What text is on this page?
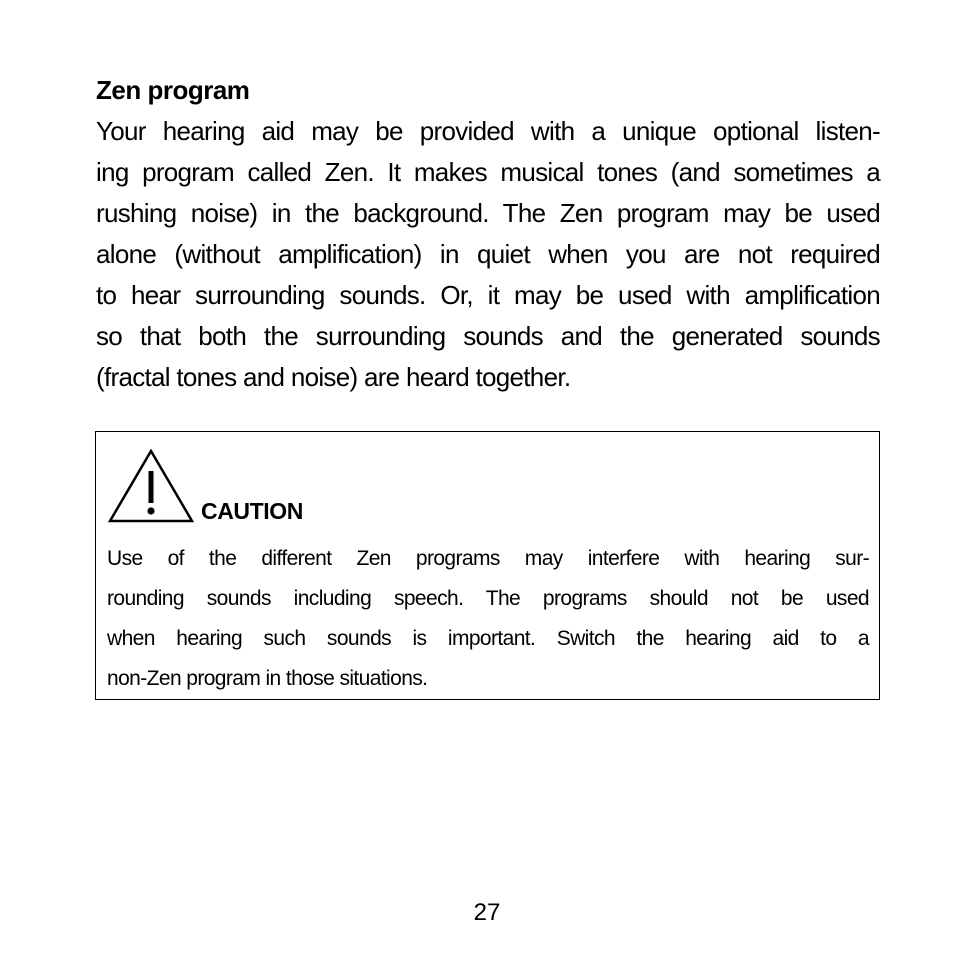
Zen program
Your hearing aid may be provided with a unique optional listen-
ing program called Zen. It makes musical tones (and sometimes a
rushing noise) in the background. The Zen program may be used
alone (without amplification) in quiet when you are not required
to hear surrounding sounds. Or, it may be used with amplification
so that both the surrounding sounds and the generated sounds
(fractal tones and noise) are heard together.
CAUTION
Use of the different Zen programs may interfere with hearing sur-
rounding sounds including speech. The programs should not be used
when hearing such sounds is important. Switch the hearing aid to a
non-Zen program in those situations.
27
